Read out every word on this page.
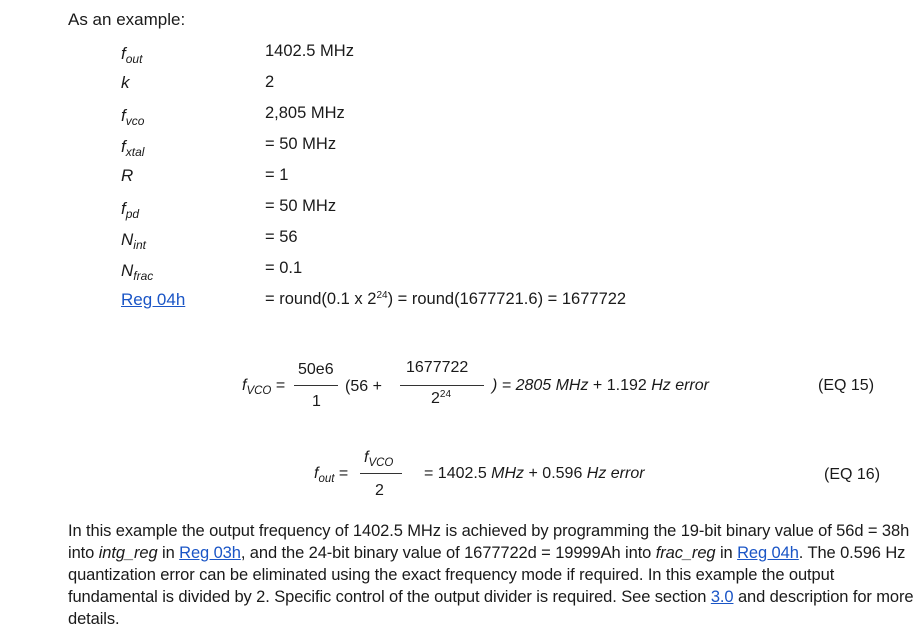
As an example:
$f_{out}$	1402.5 MHz
k	2
$f_{vco}$	2,805 MHz
$f_{xtal}$	= 50 MHz
R	= 1
$f_{pd}$	= 50 MHz
$N_{int}$	= 56
$N_{frac}$	= 0.1
Reg 04h	= round(0.1 x $2^{24}$) = round(1677721.6) = 1677722
$f_{VCO}$ =
50e6
1
(56 +
1677722
$2^{24}$
) = 2805 MHz + 1.192 Hz error	(EQ 15)
$f_{out}$ =
$f_{VCO}$
2
= 1402.5 MHz + 0.596 Hz error	(EQ 16)
In this example the output frequency of 1402.5 MHz is achieved by programming the 19-bit binary value of 56d = 38h into intg_reg in Reg 03h, and the 24-bit binary value of 1677722d = 19999Ah into frac_reg in Reg 04h. The 0.596 Hz quantization error can be eliminated using the exact frequency mode if required. In this example the output fundamental is divided by 2. Specific control of the output divider is required. See section 3.0 and description for more details.
